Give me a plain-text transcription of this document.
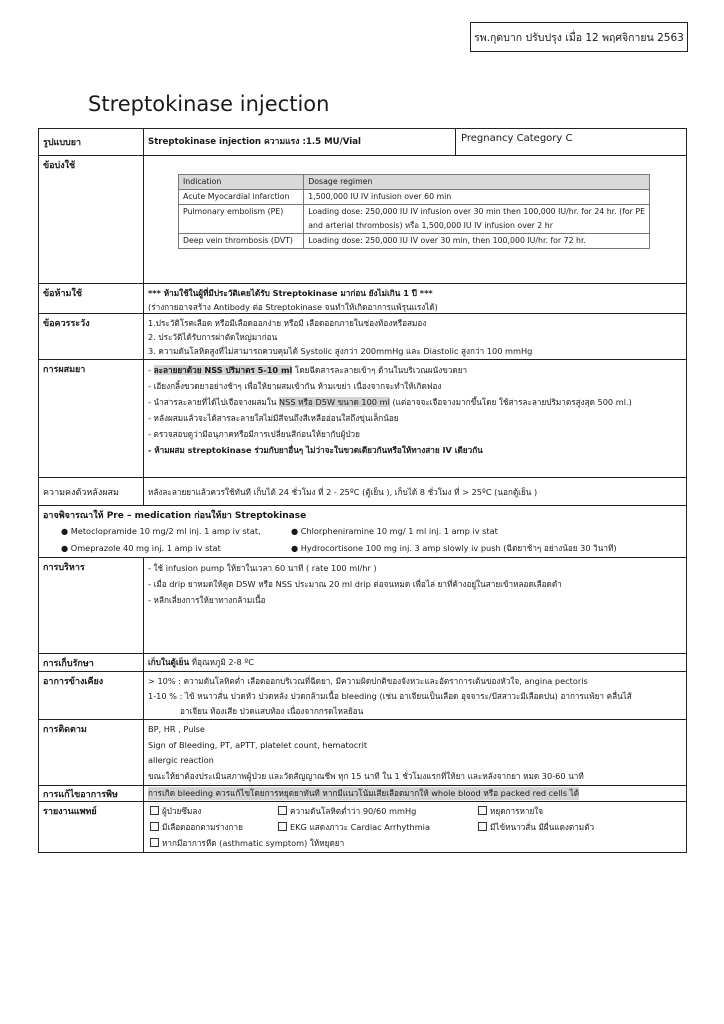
รพ.กุดบาก ปรับปรุง เมื่อ 12 พฤศจิกายน 2563
Streptokinase injection
รูปแบบยา	Streptokinase injection ความแรง :1.5 MU/Vial	Pregnancy Category C
ข้อบ่งใช้
Indication	Dosage regimen
Acute Myocardial infarction	1,500,000 IU IV infusion over 60 min
Pulmonary embolism (PE)	Loading dose: 250,000 IU IV infusion over 30 min then 100,000 IU/hr. for 24 hr. (for PE
and arterial thrombosis) หรือ 1,500,000 IU IV infusion over 2 hr

Deep vein thrombosis (DVT)	Loading dose: 250,000 IU IV over 30 min, then 100,000 IU/hr. for 72 hr.
ข้อห้ามใช้	*** ห้ามใช้ในผู้ที่มีประวัติเคยได้รับ Streptokinase มาก่อน ยังไม่เกิน 1 ปี ***
(ร่างกายอาจสร้าง Antibody ต่อ Streptokinase จนทำให้เกิดอาการแพ้รุนแรงได้)
ข้อควรระวัง	1.ประวัติโรคเลือด หรือมีเลือดออกง่าย หรือมี เลือดออกภายในช่องท้องหรือสมอง
2. ประวัติได้รับการผ่าตัดใหญ่มาก่อน
3. ความดันโลหิตสูงที่ไม่สามารถควบคุมได้ Systolic สูงกว่า 200mmHg และ Diastolic สูงกว่า 100 mmHg
การผสมยา	- ละลายยาด้วย NSS ปริมาตร 5-10 ml โดยฉีดสารละลายเข้าๆ ด้านในบริเวณผนังขวดยา
- เอียงกลิ้งขวดยาอย่างช้าๆ เพื่อให้ยาผสมเข้ากัน ห้ามเขย่า เนื่องจากจะทำให้เกิดฟอง
- นำสารละลายที่ได้ไปเจือจางผสมใน NSS หรือ D5W ขนาด 100 ml (แต่อาจจะเจือจางมากขึ้นโดย ใช้สารละลายปริมาตรสูงสุด 500 ml.)
- หลังผสมแล้วจะได้สารละลายใสไม่มีสีจนถึงสีเหลืออ่อนใสถึงขุ่นเล็กน้อย
- ตรวจสอบดูว่ามีอนุภาคหรือมีการเปลี่ยนสีก่อนให้ยากับผู้ป่วย
- ห้ามผสม streptokinase ร่วมกับยาอื่นๆ ไม่ว่าจะในขวดเดียวกันหรือให้ทางสาย IV เดียวกัน
ความคงตัวหลังผสม	หลังละลายยาแล้วควรใช้ทันที เก็บได้ 24 ชั่วโมง ที่ 2 - 25ºC (ตู้เย็น ), เก็บได้ 8 ชั่วโมง ที่ > 25ºC (นอกตู้เย็น )
อาจพิจารณาให้ Pre – medication ก่อนให้ยา Streptokinase
● Metoclopramide 10 mg/2 ml inj. 1 amp iv stat,	● Chlorpheniramine 10 mg/ 1 ml inj. 1 amp iv stat
● Omeprazole 40 mg inj. 1 amp iv stat	● Hydrocortisone 100 mg inj. 3 amp slowly iv push (ฉีดยาช้าๆ อย่างน้อย 30 วินาที)
การบริหาร	- ใช้ infusion pump ให้ยาในเวลา 60 นาที ( rate 100 ml/hr )
- เมื่อ drip ยาหมดให้ดูด D5W หรือ NSS ประมาณ 20 ml drip ต่อจนหมด เพื่อไล่ ยาที่ค้างอยู่ในสายเข้าหลอดเลือดดำ
- หลีกเลี่ยงการให้ยาทางกล้ามเนื้อ
การเก็บรักษา	เก็บในตู้เย็น ที่อุณหภูมิ 2-8 ºC
อาการข้างเคียง	> 10% : ความดันโลหิตต่ำ เลือดออกบริเวณที่ฉีดยา, มีความผิดปกติของจังหวะและอัตราการเต้นของหัวใจ, angina pectoris
1-10 % : ไข้ หนาวสั่น ปวดหัว ปวดหลัง ปวดกล้ามเนื้อ bleeding (เช่น อาเจียนเป็นเลือด อุจจาระ/ปัสสาวะมีเลือดปน) อาการแพ้ยา คลื่นไส้
อาเจียน ท้องเสีย ปวดแสบท้อง เนื่องจากกรดไหลย้อน
การติดตาม	BP, HR , Pulse
Sign of Bleeding, PT, aPTT, platelet count, hematocrit
allergic reaction
ขณะให้ยาต้องประเมินสภาพผู้ป่วย และวัดสัญญาณชีพ ทุก 15 นาที ใน 1 ชั่วโมงแรกที่ให้ยา และหลังจากยา หมด 30-60 นาที
การแก้ไขอาการพิษ	การเกิด bleeding ควรแก้ไขโดยการหยุดยาทันที หากมีแนวโน้มเสียเลือดมากให้ whole blood หรือ packed red cells ได้
รายงานแพทย์	ผู้ป่วยซึมลง	ความดันโลหิตต่ำว่า 90/60 mmHg	หยุดการหายใจ
มีเลือดออกตามร่างกาย	EKG แสดงภาวะ Cardiac Arrhythmia	มีไข้หนาวสั่น มีผื่นแดงตามตัว
หากมีอาการหืด (asthmatic symptom) ให้หยุดยา
